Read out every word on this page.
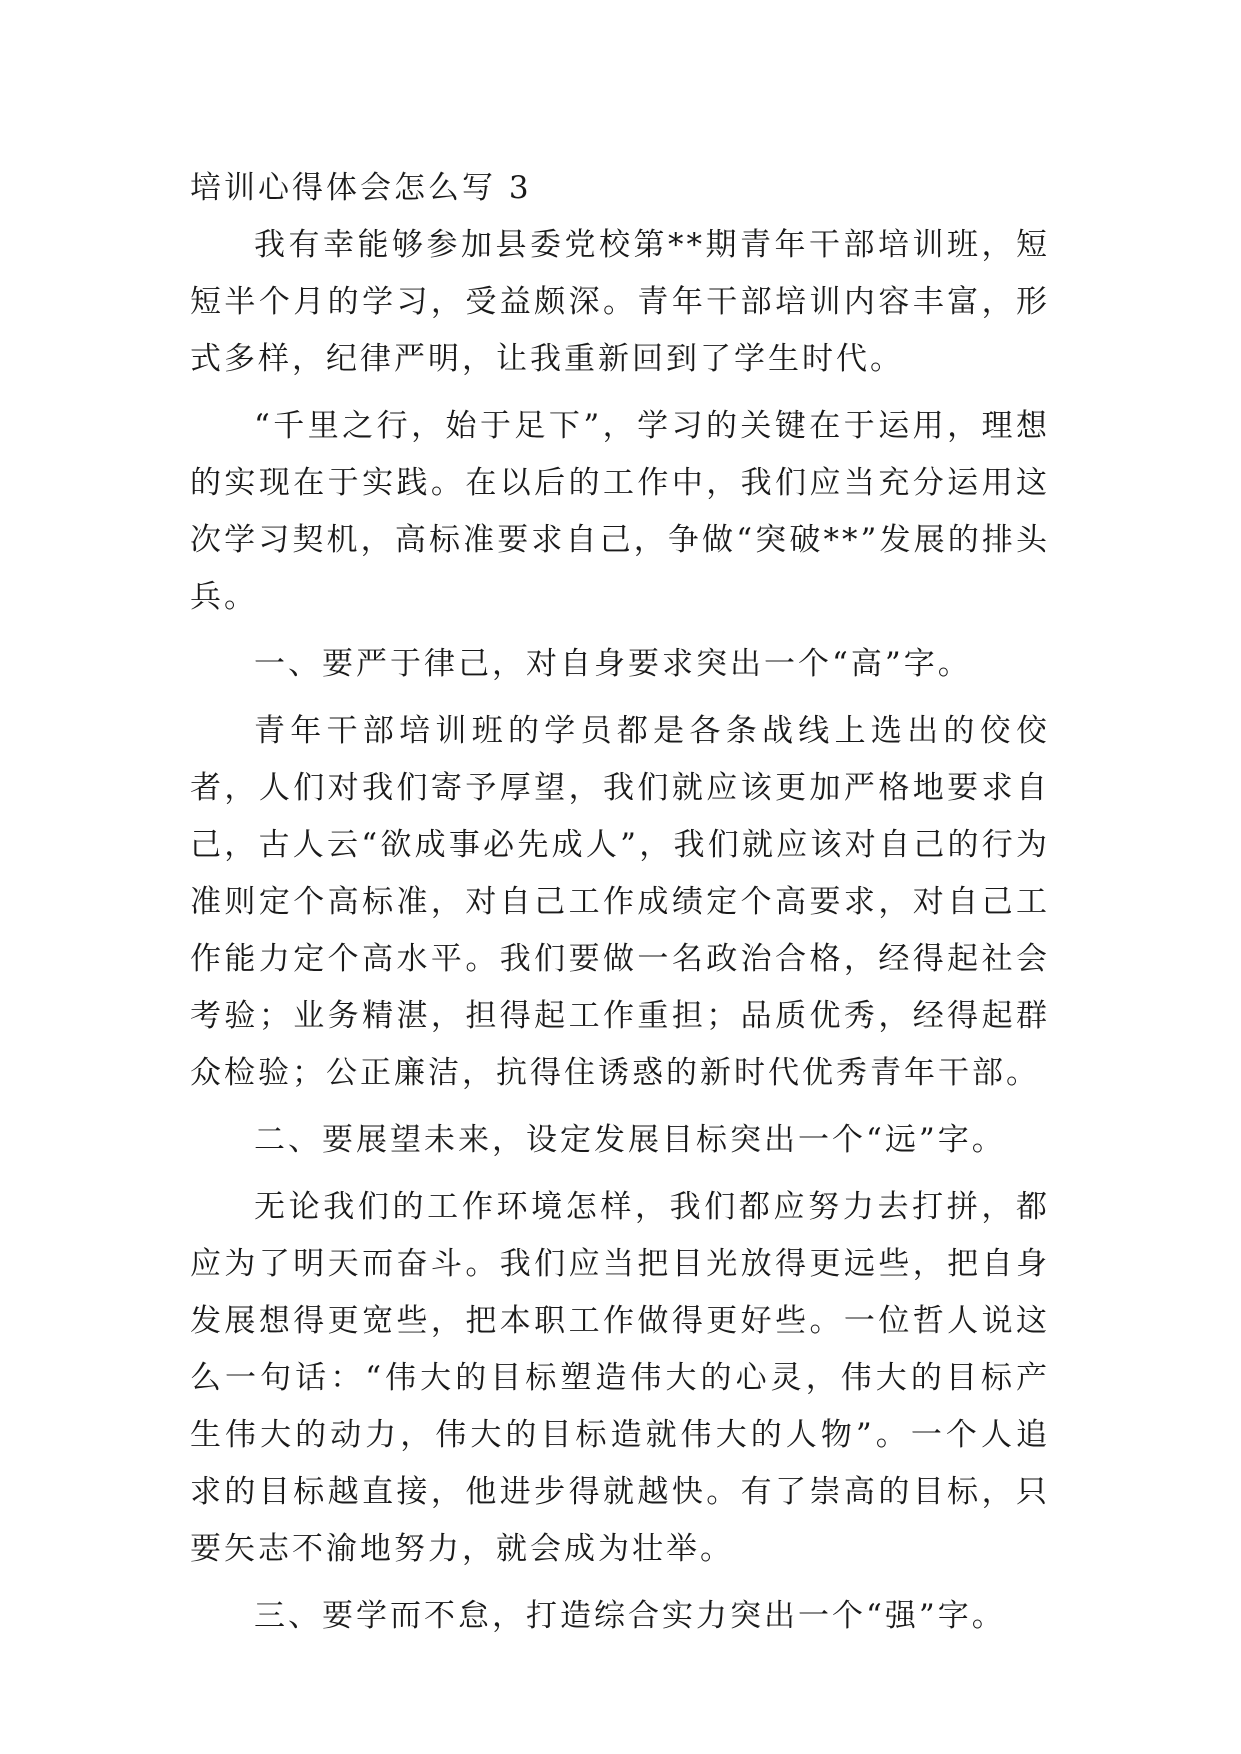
培训心得体会怎么写 3

我有幸能够参加县委党校第**期青年干部培训班，短短半个月的学习，受益颇深。青年干部培训内容丰富，形式多样，纪律严明，让我重新回到了学生时代。

“千里之行，始于足下”，学习的关键在于运用，理想的实现在于实践。在以后的工作中，我们应当充分运用这次学习契机，高标准要求自己，争做“突破**”发展的排头兵。

一、要严于律己，对自身要求突出一个“高”字。

青年干部培训班的学员都是各条战线上选出的佼佼者，人们对我们寄予厚望，我们就应该更加严格地要求自己，古人云“欲成事必先成人”，我们就应该对自己的行为准则定个高标准，对自己工作成绩定个高要求，对自己工作能力定个高水平。我们要做一名政治合格，经得起社会考验；业务精湛，担得起工作重担；品质优秀，经得起群众检验；公正廉洁，抗得住诱惑的新时代优秀青年干部。

二、要展望未来，设定发展目标突出一个“远”字。

无论我们的工作环境怎样，我们都应努力去打拼，都应为了明天而奋斗。我们应当把目光放得更远些，把自身发展想得更宽些，把本职工作做得更好些。一位哲人说这么一句话：“伟大的目标塑造伟大的心灵，伟大的目标产生伟大的动力，伟大的目标造就伟大的人物”。一个人追求的目标越直接，他进步得就越快。有了崇高的目标，只要矢志不渝地努力，就会成为壮举。

三、要学而不怠，打造综合实力突出一个“强”字。
